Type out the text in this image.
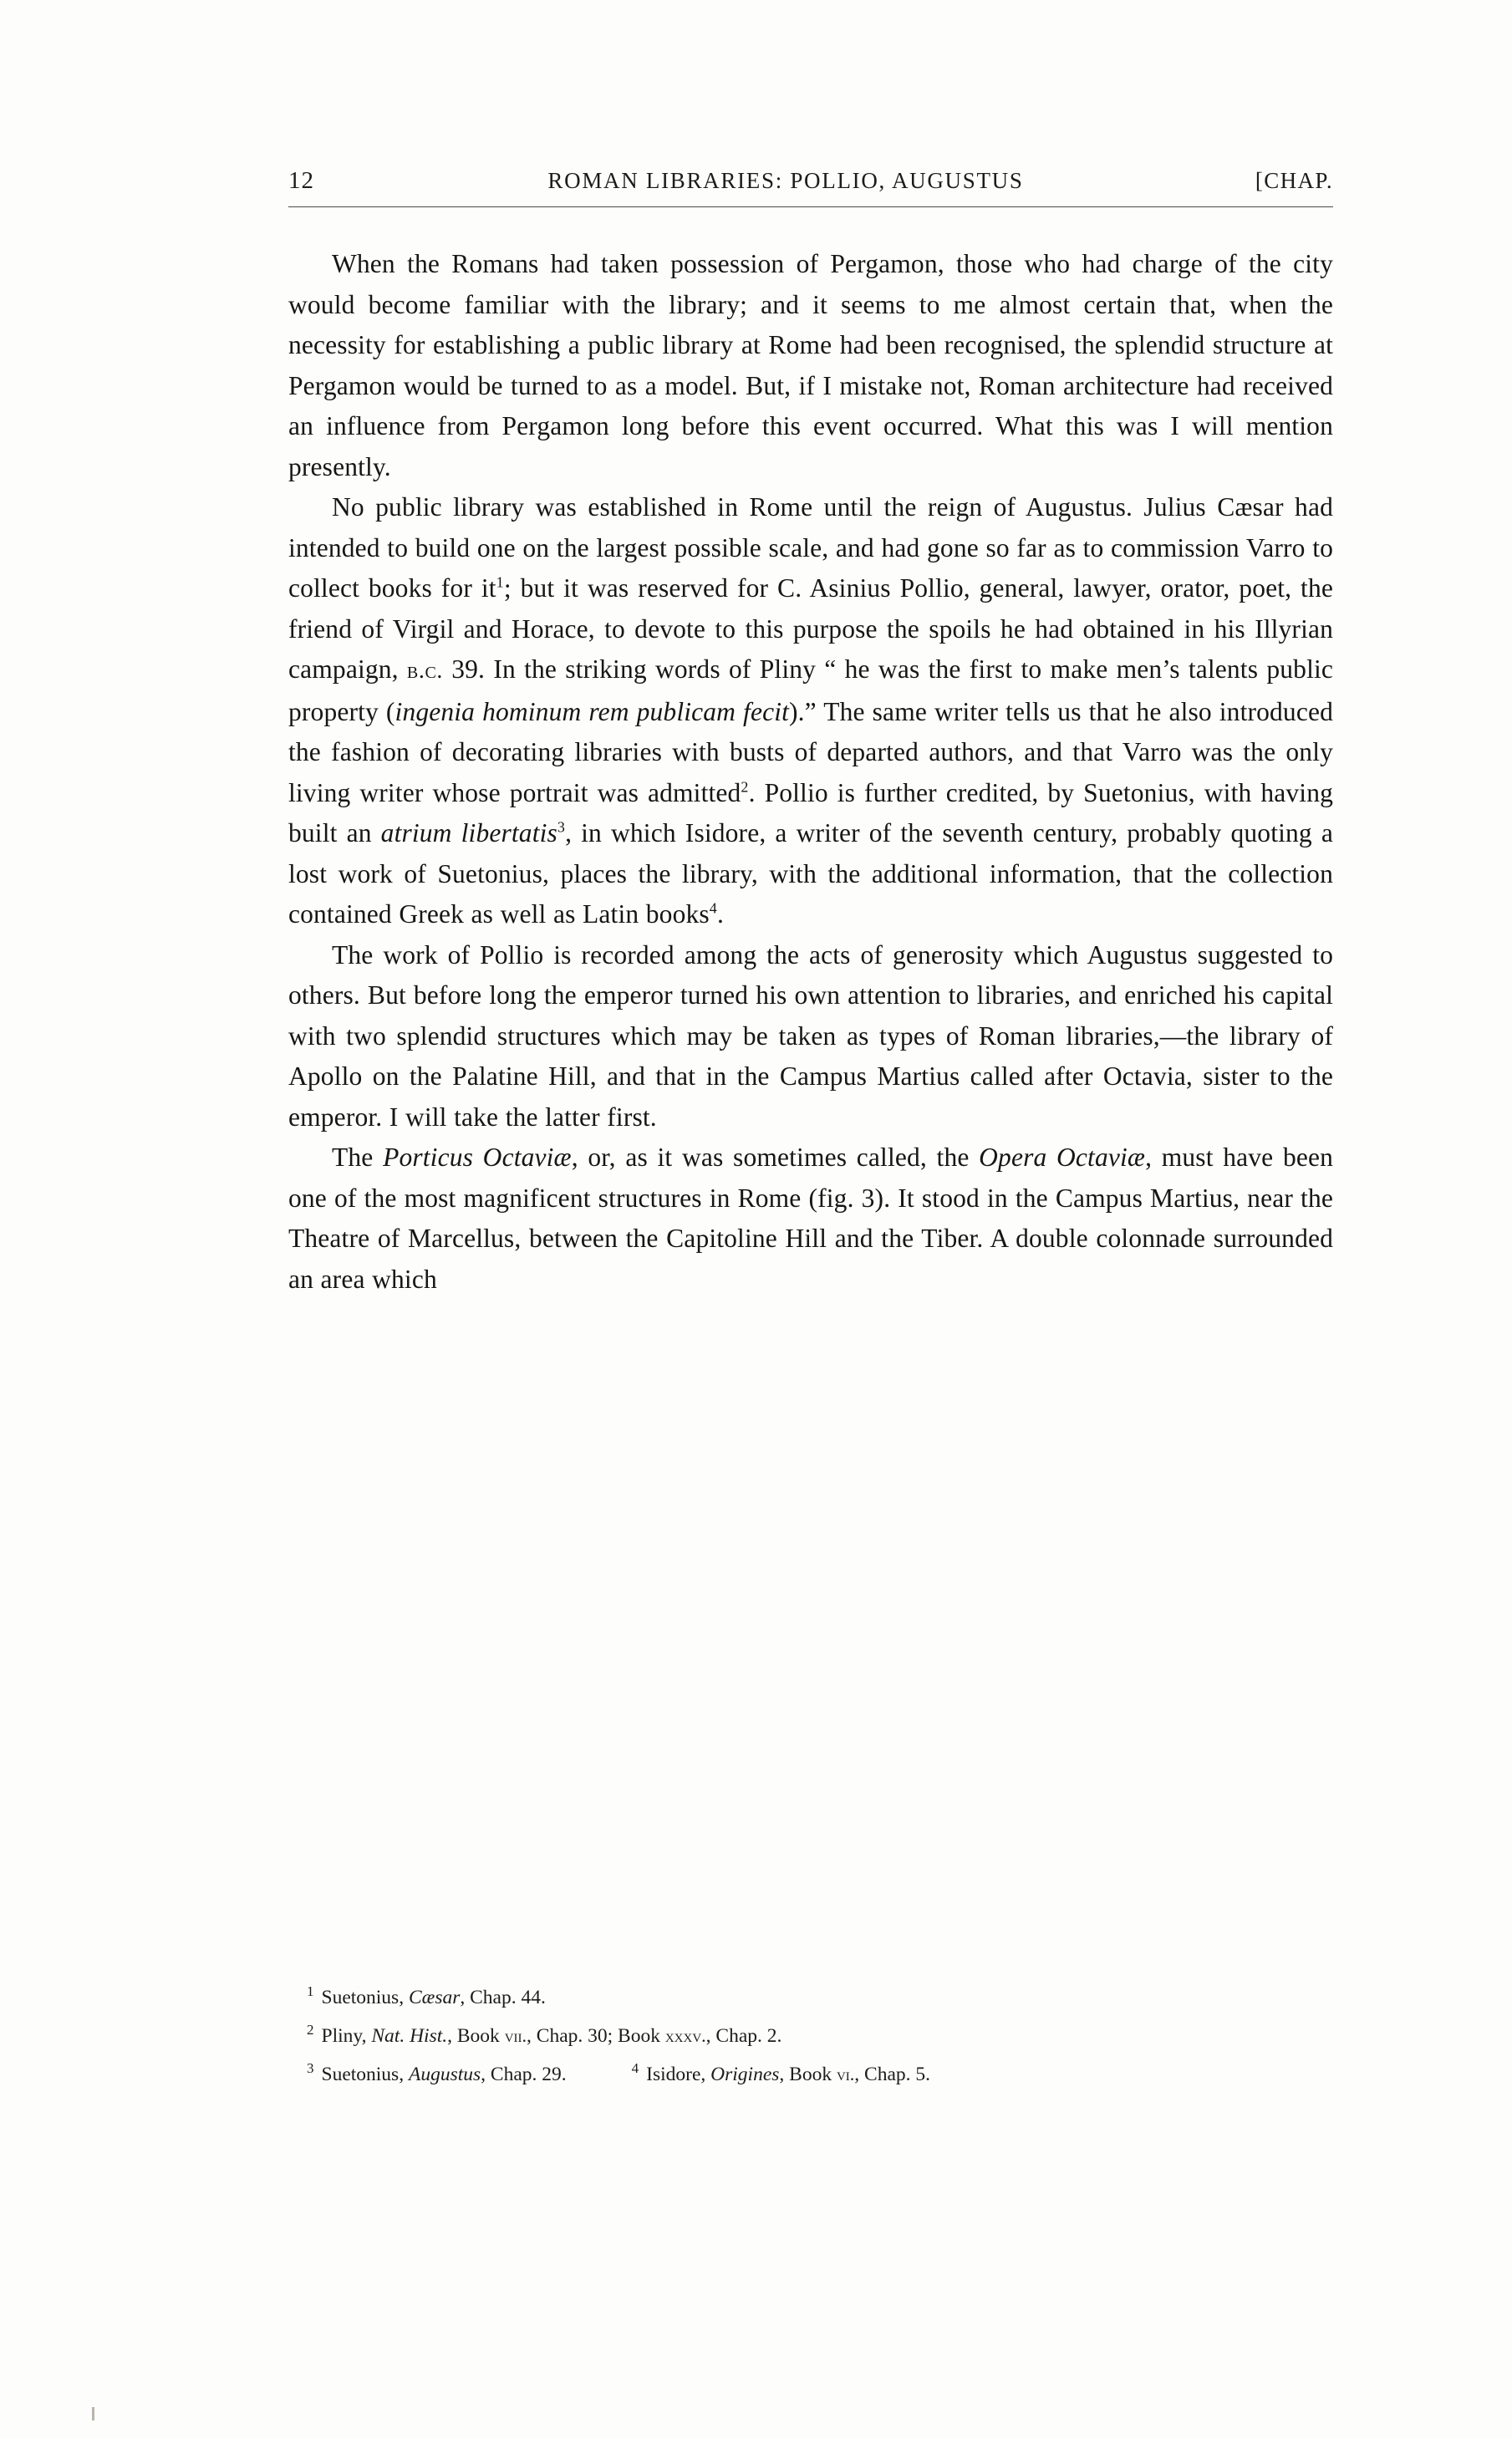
12	ROMAN LIBRARIES: POLLIO, AUGUSTUS	[CHAP.

When the Romans had taken possession of Pergamon, those who had charge of the city would become familiar with the library; and it seems to me almost certain that, when the necessity for establishing a public library at Rome had been recognised, the splendid structure at Pergamon would be turned to as a model. But, if I mistake not, Roman architecture had received an influence from Pergamon long before this event occurred. What this was I will mention presently.

No public library was established in Rome until the reign of Augustus. Julius Cæsar had intended to build one on the largest possible scale, and had gone so far as to commission Varro to collect books for $it^1$; but it was reserved for C. Asinius Pollio, general, lawyer, orator, poet, the friend of Virgil and Horace, to devote to this purpose the spoils he had obtained in his Illyrian campaign, b.c. 39. In the striking words of Pliny “ he was the first to make men’s talents public property (ingenia hominum rem publicam fecit).” The same writer tells us that he also introduced the fashion of decorating libraries with busts of departed authors, and that Varro was the only living writer whose portrait was admitted$^2$. Pollio is further credited, by Suetonius, with having built an atrium libertatis$^3$, in which Isidore, a writer of the seventh century, probably quoting a lost work of Suetonius, places the library, with the additional information, that the collection contained Greek as well as Latin books$^4$.

The work of Pollio is recorded among the acts of generosity which Augustus suggested to others. But before long the emperor turned his own attention to libraries, and enriched his capital with two splendid structures which may be taken as types of Roman libraries,—the library of Apollo on the Palatine Hill, and that in the Campus Martius called after Octavia, sister to the emperor. I will take the latter first.

The Porticus Octaviæ, or, as it was sometimes called, the Opera Octaviæ, must have been one of the most magnificent structures in Rome (fig. 3). It stood in the Campus Martius, near the Theatre of Marcellus, between the Capitoline Hill and the Tiber. A double colonnade surrounded an area which

$^1$ Suetonius, Cæsar, Chap. 44.

$^2$ Pliny, Nat. Hist., Book vii., Chap. 30; Book xxxv., Chap. 2.

$^3$ Suetonius, Augustus, Chap. 29.	$^4$ Isidore, Origines, Book vi., Chap. 5.
